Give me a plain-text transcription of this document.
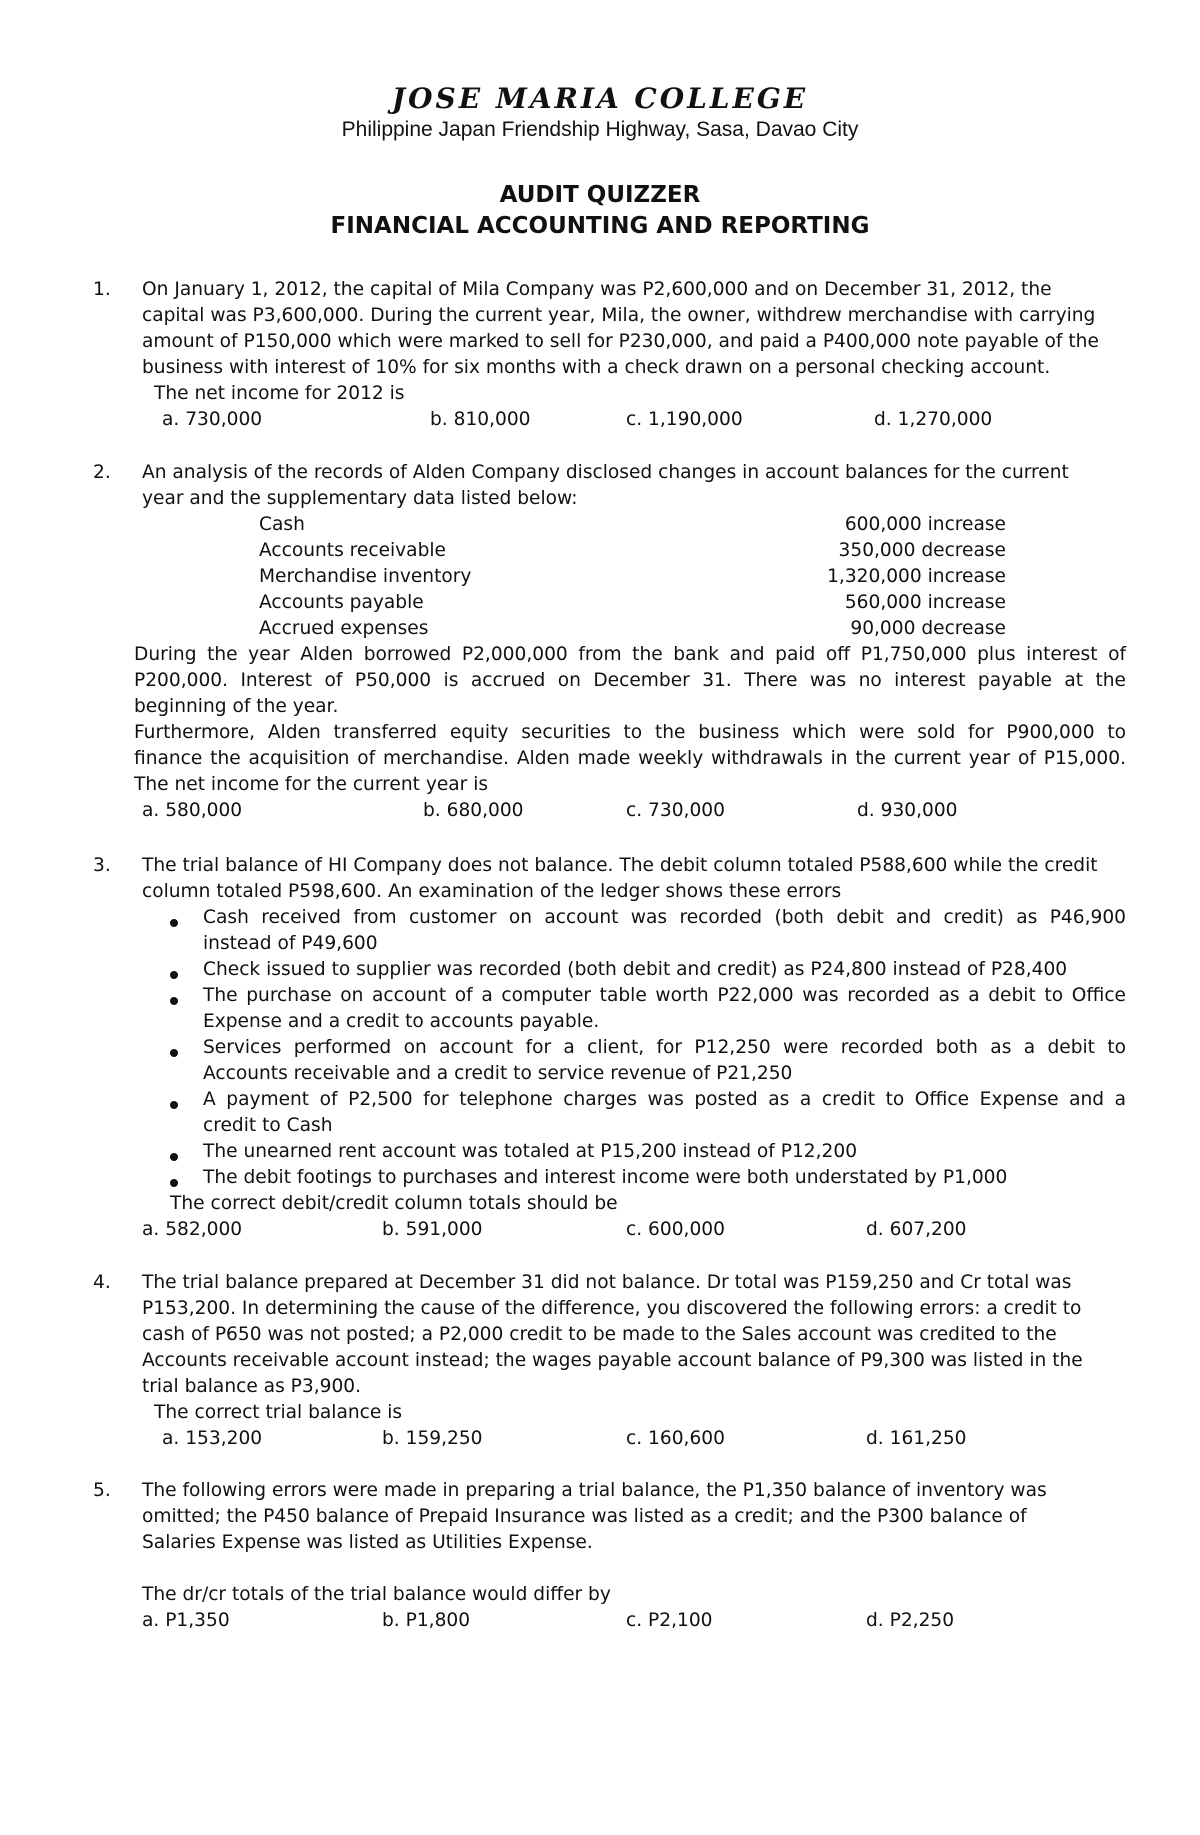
JOSE MARIA COLLEGE
Philippine Japan Friendship Highway, Sasa, Davao City
AUDIT QUIZZER
FINANCIAL ACCOUNTING AND REPORTING
1. On January 1, 2012, the capital of Mila Company was P2,600,000 and on December 31, 2012, the
capital was P3,600,000. During the current year, Mila, the owner, withdrew merchandise with carrying
amount of P150,000 which were marked to sell for P230,000, and paid a P400,000 note payable of the
business with interest of 10% for six months with a check drawn on a personal checking account.
The net income for 2012 is
a. 730,000	b. 810,000	c. 1,190,000	d. 1,270,000
2. An analysis of the records of Alden Company disclosed changes in account balances for the current
year and the supplementary data listed below:
Cash	600,000 increase
Accounts receivable	350,000 decrease
Merchandise inventory	1,320,000 increase
Accounts payable	560,000 increase
Accrued expenses	90,000 decrease
During the year Alden borrowed P2,000,000 from the bank and paid off P1,750,000 plus interest of
P200,000. Interest of P50,000 is accrued on December 31. There was no interest payable at the
beginning of the year.
Furthermore, Alden transferred equity securities to the business which were sold for P900,000 to
finance the acquisition of merchandise. Alden made weekly withdrawals in the current year of P15,000.
The net income for the current year is
a. 580,000	b. 680,000	c. 730,000	d. 930,000
3. The trial balance of HI Company does not balance. The debit column totaled P588,600 while the credit
column totaled P598,600. An examination of the ledger shows these errors
Cash received from customer on account was recorded (both debit and credit) as P46,900
instead of P49,600
Check issued to supplier was recorded (both debit and credit) as P24,800 instead of P28,400
The purchase on account of a computer table worth P22,000 was recorded as a debit to Office
Expense and a credit to accounts payable.
Services performed on account for a client, for P12,250 were recorded both as a debit to
Accounts receivable and a credit to service revenue of P21,250
A payment of P2,500 for telephone charges was posted as a credit to Office Expense and a
credit to Cash
The unearned rent account was totaled at P15,200 instead of P12,200
The debit footings to purchases and interest income were both understated by P1,000
The correct debit/credit column totals should be
a. 582,000	b. 591,000	c. 600,000	d. 607,200
4. The trial balance prepared at December 31 did not balance. Dr total was P159,250 and Cr total was
P153,200. In determining the cause of the difference, you discovered the following errors: a credit to
cash of P650 was not posted; a P2,000 credit to be made to the Sales account was credited to the
Accounts receivable account instead; the wages payable account balance of P9,300 was listed in the
trial balance as P3,900.
The correct trial balance is
a. 153,200	b. 159,250	c. 160,600	d. 161,250
5. The following errors were made in preparing a trial balance, the P1,350 balance of inventory was
omitted; the P450 balance of Prepaid Insurance was listed as a credit; and the P300 balance of
Salaries Expense was listed as Utilities Expense.
The dr/cr totals of the trial balance would differ by
a. P1,350	b. P1,800	c. P2,100	d. P2,250
